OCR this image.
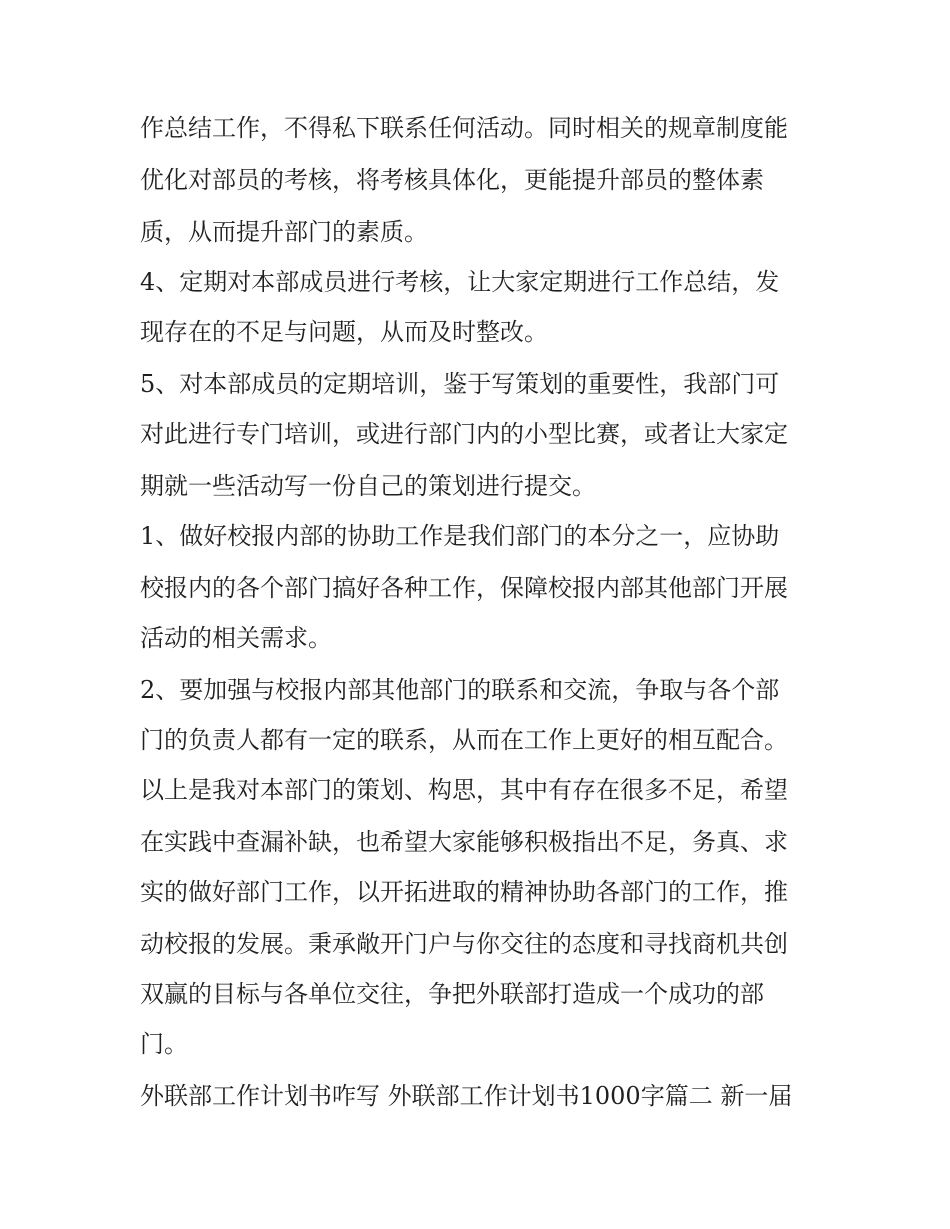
作总结工作，不得私下联系任何活动。同时相关的规章制度能
优化对部员的考核，将考核具体化，更能提升部员的整体素
质，从而提升部门的素质。
4、定期对本部成员进行考核，让大家定期进行工作总结，发
现存在的不足与问题，从而及时整改。
5、对本部成员的定期培训，鉴于写策划的重要性，我部门可
对此进行专门培训，或进行部门内的小型比赛，或者让大家定
期就一些活动写一份自己的策划进行提交。
1、做好校报内部的协助工作是我们部门的本分之一，应协助
校报内的各个部门搞好各种工作，保障校报内部其他部门开展
活动的相关需求。
2、要加强与校报内部其他部门的联系和交流，争取与各个部
门的负责人都有一定的联系，从而在工作上更好的相互配合。
以上是我对本部门的策划、构思，其中有存在很多不足，希望
在实践中查漏补缺，也希望大家能够积极指出不足，务真、求
实的做好部门工作，以开拓进取的精神协助各部门的工作，推
动校报的发展。秉承敞开门户与你交往的态度和寻找商机共创
双赢的目标与各单位交往，争把外联部打造成一个成功的部
门。
外联部工作计划书咋写 外联部工作计划书1000字篇二 新一届
